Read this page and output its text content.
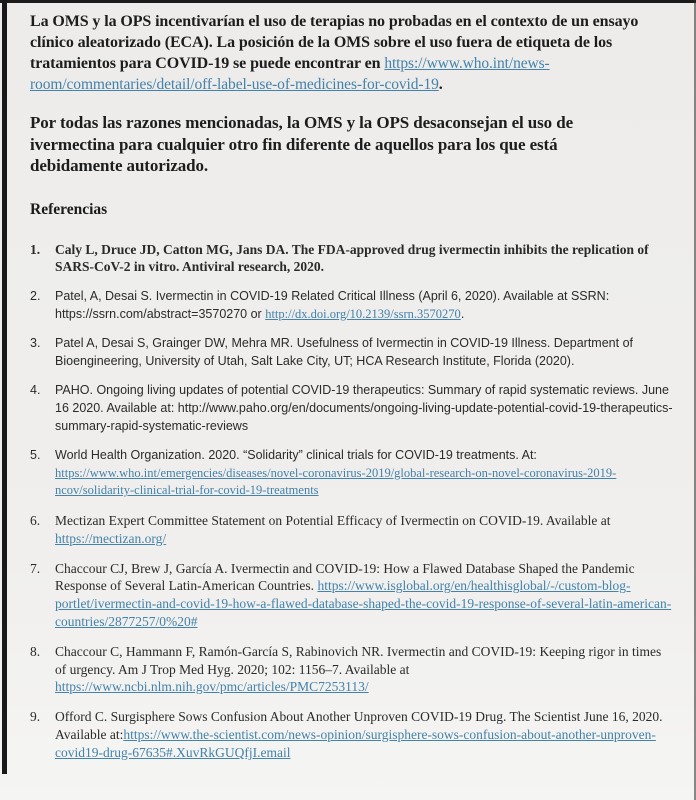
La OMS y la OPS incentivarían el uso de terapias no probadas en el contexto de un ensayo clínico aleatorizado (ECA). La posición de la OMS sobre el uso fuera de etiqueta de los tratamientos para COVID-19 se puede encontrar en https://www.who.int/news-room/commentaries/detail/off-label-use-of-medicines-for-covid-19.

Por todas las razones mencionadas, la OMS y la OPS desaconsejan el uso de ivermectina para cualquier otro fin diferente de aquellos para los que está debidamente autorizado.

Referencias
1.	Caly L, Druce JD, Catton MG, Jans DA. The FDA-approved drug ivermectin inhibits the replication of SARS-CoV-2 in vitro. Antiviral research, 2020.
2.	Patel, A, Desai S. Ivermectin in COVID-19 Related Critical Illness (April 6, 2020). Available at SSRN: https://ssrn.com/abstract=3570270 or http://dx.doi.org/10.2139/ssrn.3570270.
3.	Patel A, Desai S, Grainger DW, Mehra MR. Usefulness of Ivermectin in COVID-19 Illness. Department of Bioengineering, University of Utah, Salt Lake City, UT; HCA Research Institute, Florida (2020).
4.	PAHO. Ongoing living updates of potential COVID-19 therapeutics: Summary of rapid systematic reviews. June 16 2020. Available at: http://www.paho.org/en/documents/ongoing-living-update-potential-covid-19-therapeutics-summary-rapid-systematic-reviews
5.	World Health Organization. 2020. “Solidarity” clinical trials for COVID-19 treatments. At: https://www.who.int/emergencies/diseases/novel-coronavirus-2019/global-research-on-novel-coronavirus-2019-ncov/solidarity-clinical-trial-for-covid-19-treatments
6.	Mectizan Expert Committee Statement on Potential Efficacy of Ivermectin on COVID-19. Available at https://mectizan.org/
7.	Chaccour CJ, Brew J, García A. Ivermectin and COVID-19: How a Flawed Database Shaped the Pandemic Response of Several Latin-American Countries. https://www.isglobal.org/en/healthisglobal/-/custom-blog-portlet/ivermectin-and-covid-19-how-a-flawed-database-shaped-the-covid-19-response-of-several-latin-american-countries/2877257/0%20#
8.	Chaccour C, Hammann F, Ramón-García S, Rabinovich NR. Ivermectin and COVID-19: Keeping rigor in times of urgency. Am J Trop Med Hyg. 2020; 102: 1156–7. Available at https://www.ncbi.nlm.nih.gov/pmc/articles/PMC7253113/
9.	Offord C. Surgisphere Sows Confusion About Another Unproven COVID-19 Drug. The Scientist June 16, 2020. Available at:https://www.the-scientist.com/news-opinion/surgisphere-sows-confusion-about-another-unproven-covid19-drug-67635#.XuvRkGUQfjI.email
